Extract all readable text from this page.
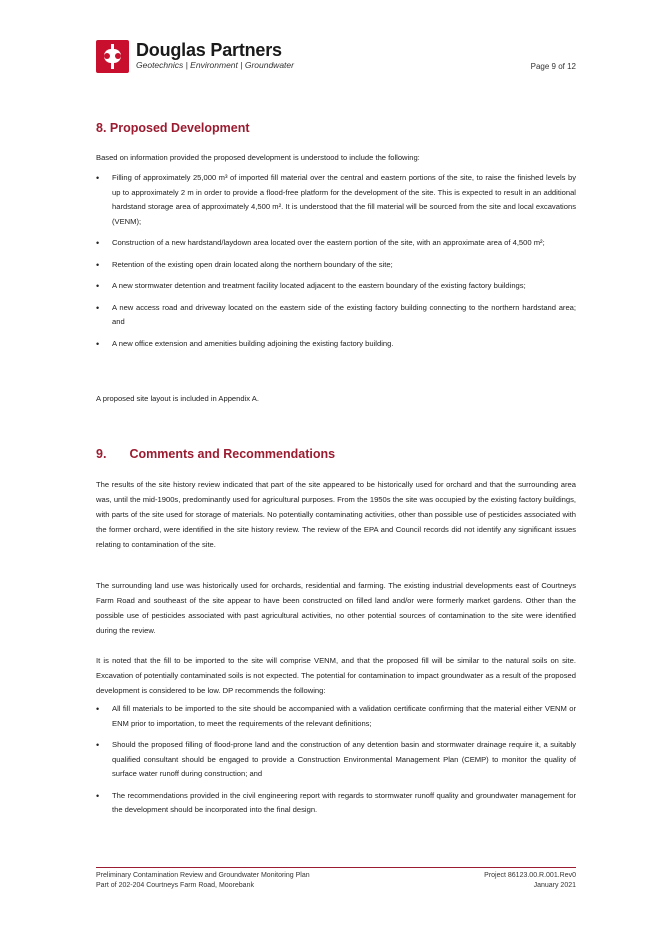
Douglas Partners
Geotechnics | Environment | Groundwater	Page 9 of 12
8. Proposed Development
Based on information provided the proposed development is understood to include the following:
• Filling of approximately 25,000 m³ of imported fill material over the central and eastern portions of the site, to raise the finished levels by up to approximately 2 m in order to provide a flood-free platform for the development of the site. This is expected to result in an additional hardstand storage area of approximately 4,500 m². It is understood that the fill material will be sourced from the site and local excavations (VENM);
• Construction of a new hardstand/laydown area located over the eastern portion of the site, with an approximate area of 4,500 m²;
• Retention of the existing open drain located along the northern boundary of the site;
• A new stormwater detention and treatment facility located adjacent to the eastern boundary of the existing factory buildings;
• A new access road and driveway located on the eastern side of the existing factory building connecting to the northern hardstand area; and
• A new office extension and amenities building adjoining the existing factory building.
A proposed site layout is included in Appendix A.
9. Comments and Recommendations
The results of the site history review indicated that part of the site appeared to be historically used for orchard and that the surrounding area was, until the mid-1900s, predominantly used for agricultural purposes. From the 1950s the site was occupied by the existing factory buildings, with parts of the site used for storage of materials. No potentially contaminating activities, other than possible use of pesticides associated with the former orchard, were identified in the site history review. The review of the EPA and Council records did not identify any significant issues relating to contamination of the site.
The surrounding land use was historically used for orchards, residential and farming. The existing industrial developments east of Courtneys Farm Road and southeast of the site appear to have been constructed on filled land and/or were formerly market gardens. Other than the possible use of pesticides associated with past agricultural activities, no other potential sources of contamination to the site were identified during the review.
It is noted that the fill to be imported to the site will comprise VENM, and that the proposed fill will be similar to the natural soils on site. Excavation of potentially contaminated soils is not expected. The potential for contamination to impact groundwater as a result of the proposed development is considered to be low. DP recommends the following:
• All fill materials to be imported to the site should be accompanied with a validation certificate confirming that the material either VENM or ENM prior to importation, to meet the requirements of the relevant definitions;
• Should the proposed filling of flood-prone land and the construction of any detention basin and stormwater drainage require it, a suitably qualified consultant should be engaged to provide a Construction Environmental Management Plan (CEMP) to monitor the quality of surface water runoff during construction; and
• The recommendations provided in the civil engineering report with regards to stormwater runoff quality and groundwater management for the development should be incorporated into the final design.
Preliminary Contamination Review and Groundwater Monitoring Plan
Part of 202-204 Courtneys Farm Road, Moorebank
Project 86123.00.R.001.Rev0
January 2021
